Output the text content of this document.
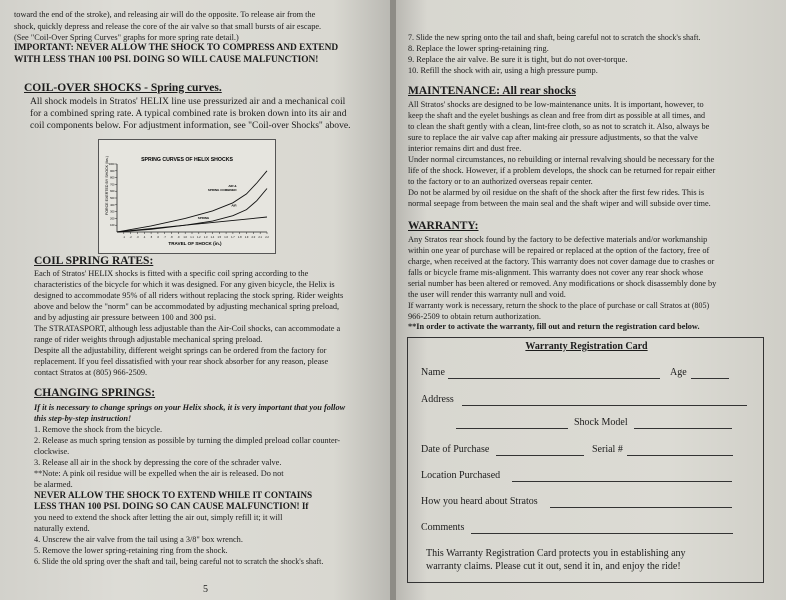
toward the end of the stroke), and releasing air will do the opposite. To release air from the
shock, quickly depress and release the core of the air valve so that small bursts of air escape.
(See "Coil-Over Spring Curves" graphs for more spring rate detail.)
IMPORTANT: NEVER ALLOW THE SHOCK TO COMPRESS AND EXTEND
WITH LESS THAN 100 PSI. DOING SO WILL CAUSE MALFUNCTION!
COIL-OVER SHOCKS - Spring curves.
All shock models in Stratos' HELIX line use pressurized air and a mechanical coil
for a combined spring rate. A typical combined rate is broken down into its air and
coil components below. For adjustment information, see "Coil-over Shocks" above.
SPRING CURVES OF HELIX SHOCKS
FORCE EXERTED BY SHOCK (lbs.)
TRAVEL OF SHOCK (in.)
.1 .2 .3 .4 .5 .6 .7 .8 .9 1.0 1.1 1.2 1.3 1.4 1.5 1.6 1.7 1.8 1.9 2.0 2.1 2.2
100
200
300
400
500
600
700
800
900
1000
AIR &
SPRING COMBINED
SPRING
AIR
COIL SPRING RATES:
Each of Stratos' HELIX shocks is fitted with a specific coil spring according to the
characteristics of the bicycle for which it was designed. For any given bicycle, the Helix is
designed to accommodate 95% of all riders without replacing the stock spring. Rider weights
above and below the "norm" can be accommodated by adjusting mechanical spring preload,
and by adjusting air pressure between 100 and 300 psi.
The STRATASPORT, although less adjustable than the Air-Coil shocks, can accommodate a
range of rider weights through adjustable mechanical spring preload.
Despite all the adjustability, different weight springs can be ordered from the factory for
replacement. If you feel dissatisfied with your rear shock absorber for any reason, please
contact Stratos at (805) 966-2509.
CHANGING SPRINGS:
If it is necessary to change springs on your Helix shock, it is very important that you follow
this step-by-step instruction!
1. Remove the shock from the bicycle.
2. Release as much spring tension as possible by turning the dimpled preload collar counter-
clockwise.
3. Release all air in the shock by depressing the core of the schrader valve.
**Note: A pink oil residue will be expelled when the air is released. Do not
be alarmed.
NEVER ALLOW THE SHOCK TO EXTEND WHILE IT CONTAINS
LESS THAN 100 PSI. DOING SO CAN CAUSE MALFUNCTION! If
you need to extend the shock after letting the air out, simply refill it; it will
naturally extend.
4. Unscrew the air valve from the tail using a 3/8" box wrench.
5. Remove the lower spring-retaining ring from the shock.
6. Slide the old spring over the shaft and tail, being careful not to scratch the shock's shaft.
5
7. Slide the new spring onto the tail and shaft, being careful not to scratch the shock's shaft.
8. Replace the lower spring-retaining ring.
9. Replace the air valve. Be sure it is tight, but do not over-torque.
10. Refill the shock with air, using a high pressure pump.
MAINTENANCE: All rear shocks
All Stratos' shocks are designed to be low-maintenance units. It is important, however, to
keep the shaft and the eyelet bushings as clean and free from dirt as possible at all times, and
to clean the shaft gently with a clean, lint-free cloth, so as not to scratch it. Also, always be
sure to replace the air valve cap after making air pressure adjustments, so that the valve
interior remains dirt and dust free.
Under normal circumstances, no rebuilding or internal revalving should be necessary for the
life of the shock. However, if a problem develops, the shock can be returned for repair either
to the factory or to an authorized overseas repair center.
Do not be alarmed by oil residue on the shaft of the shock after the first few rides. This is
normal seepage from between the main seal and the shaft wiper and will subside over time.
WARRANTY:
Any Stratos rear shock found by the factory to be defective materials and/or workmanship
within one year of purchase will be repaired or replaced at the option of the factory, free of
charge, when received at the factory. This warranty does not cover damage due to crashes or
falls or bicycle frame mis-alignment. This warranty does not cover any rear shock whose
serial number has been altered or removed. Any modifications or shock disassembly done by
the user will render this warranty null and void.
If warranty work is necessary, return the shock to the place of purchase or call Stratos at (805)
966-2509 to obtain return authorization.
**In order to activate the warranty, fill out and return the registration card below.
Warranty Registration Card
Name	Age
Address
Shock Model
Date of Purchase	Serial #
Location Purchased
How you heard about Stratos
Comments
This Warranty Registration Card protects you in establishing any
warranty claims. Please cut it out, send it in, and enjoy the ride!
